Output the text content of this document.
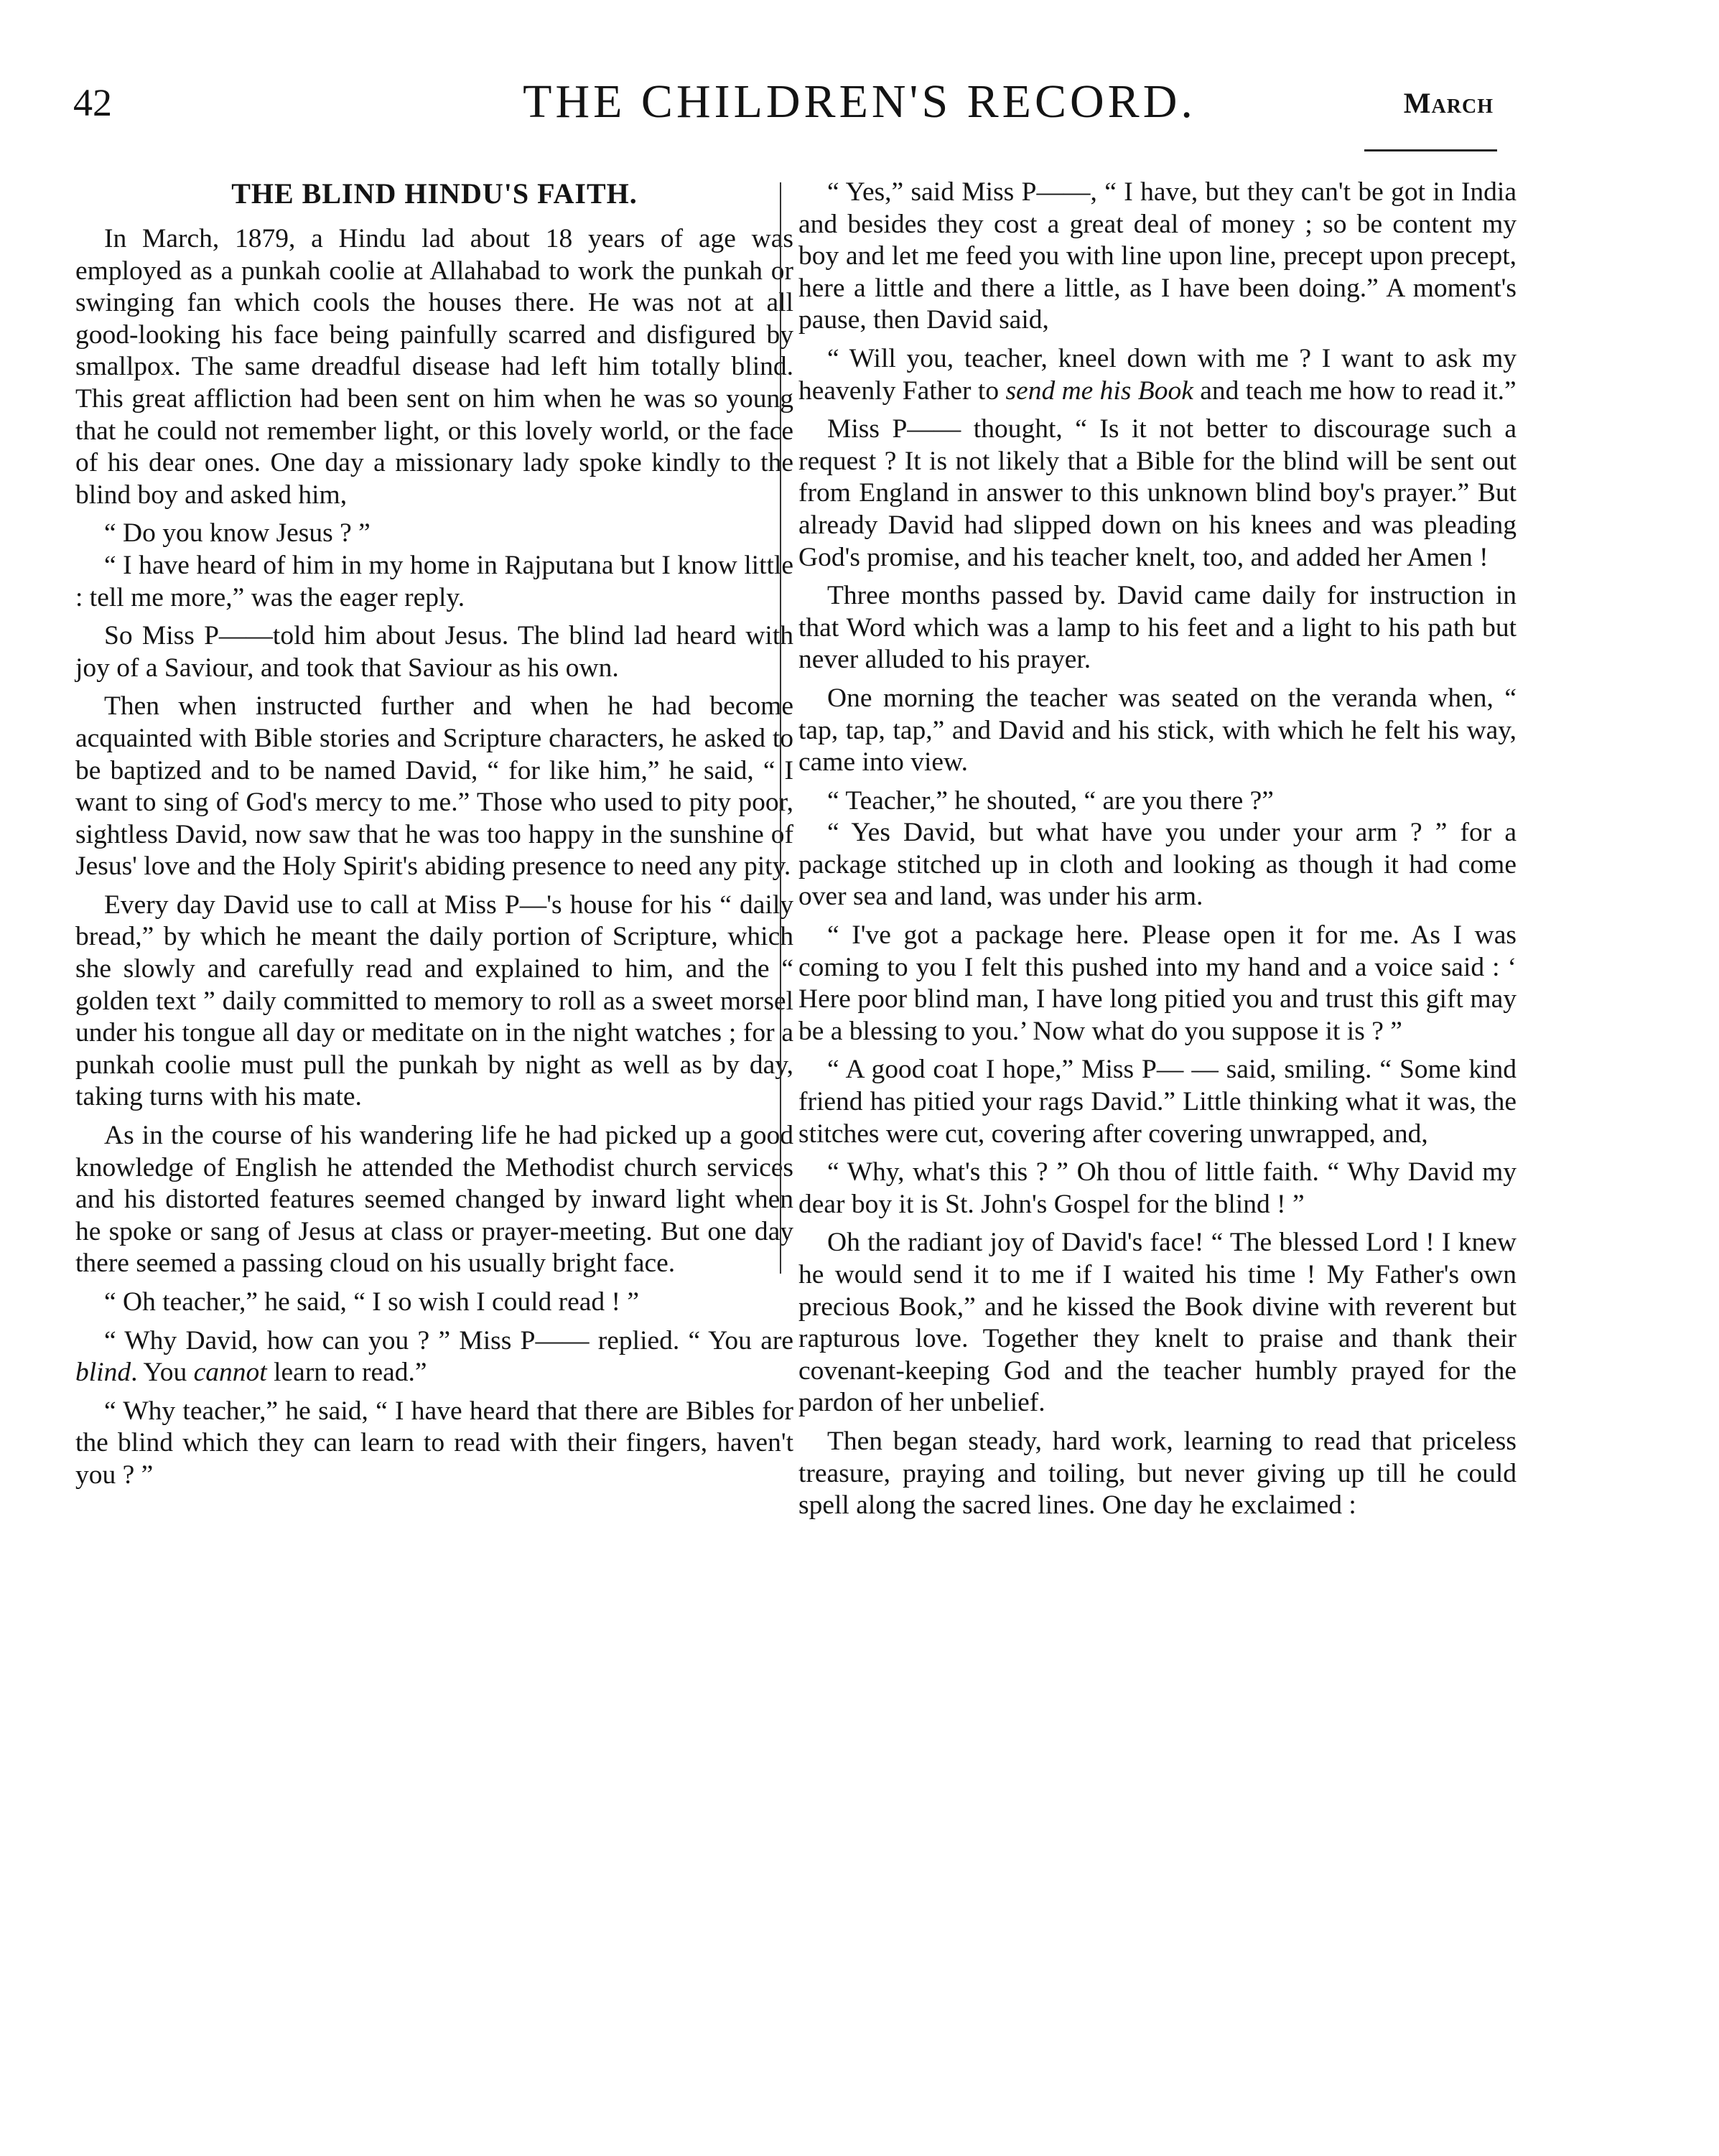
42	THE CHILDREN'S RECORD.	March
THE BLIND HINDU'S FAITH.

In March, 1879, a Hindu lad about 18 years of age was employed as a punkah coolie at Allahabad to work the punkah or swinging fan which cools the houses there. He was not at all good-looking his face being painfully scarred and disfigured by smallpox. The same dreadful disease had left him totally blind. This great affliction had been sent on him when he was so young that he could not remember light, or this lovely world, or the face of his dear ones. One day a missionary lady spoke kindly to the blind boy and asked him,

“ Do you know Jesus ? ”

“ I have heard of him in my home in Rajputana but I know little : tell me more,” was the eager reply.

So Miss P——told him about Jesus. The blind lad heard with joy of a Saviour, and took that Saviour as his own.

Then when instructed further and when he had become acquainted with Bible stories and Scripture characters, he asked to be baptized and to be named David, “ for like him,” he said, “ I want to sing of God's mercy to me.” Those who used to pity poor, sightless David, now saw that he was too happy in the sunshine of Jesus' love and the Holy Spirit's abiding presence to need any pity.

Every day David use to call at Miss P—'s house for his “ daily bread,” by which he meant the daily portion of Scripture, which she slowly and carefully read and explained to him, and the “ golden text ” daily committed to memory to roll as a sweet morsel under his tongue all day or meditate on in the night watches ; for a punkah coolie must pull the punkah by night as well as by day, taking turns with his mate.

As in the course of his wandering life he had picked up a good knowledge of English he attended the Methodist church services and his distorted features seemed changed by inward light when he spoke or sang of Jesus at class or prayer-meeting. But one day there seemed a passing cloud on his usually bright face.

“ Oh teacher,” he said, “ I so wish I could read ! ”

“ Why David, how can you ? ” Miss P—— replied. “ You are blind. You cannot learn to read.”

“ Why teacher,” he said, “ I have heard that there are Bibles for the blind which they can learn to read with their fingers, haven't you ? ”

“ Yes,” said Miss P——, “ I have, but they can't be got in India and besides they cost a great deal of money ; so be content my boy and let me feed you with line upon line, precept upon precept, here a little and there a little, as I have been doing.” A moment's pause, then David said,

“ Will you, teacher, kneel down with me ? I want to ask my heavenly Father to send me his Book and teach me how to read it.”

Miss P—— thought, “ Is it not better to discourage such a request ? It is not likely that a Bible for the blind will be sent out from England in answer to this unknown blind boy's prayer.” But already David had slipped down on his knees and was pleading God's promise, and his teacher knelt, too, and added her Amen !

Three months passed by. David came daily for instruction in that Word which was a lamp to his feet and a light to his path but never alluded to his prayer.

One morning the teacher was seated on the veranda when, “ tap, tap, tap,” and David and his stick, with which he felt his way, came into view.

“ Teacher,” he shouted, “ are you there ?”

“ Yes David, but what have you under your arm ? ” for a package stitched up in cloth and looking as though it had come over sea and land, was under his arm.

“ I've got a package here. Please open it for me. As I was coming to you I felt this pushed into my hand and a voice said : ‘ Here poor blind man, I have long pitied you and trust this gift may be a blessing to you.’ Now what do you suppose it is ? ”

“ A good coat I hope,” Miss P— — said, smiling. “ Some kind friend has pitied your rags David.” Little thinking what it was, the stitches were cut, covering after covering unwrapped, and,

“ Why, what's this ? ” Oh thou of little faith. “ Why David my dear boy it is St. John's Gospel for the blind ! ”

Oh the radiant joy of David's face! “ The blessed Lord ! I knew he would send it to me if I waited his time ! My Father's own precious Book,” and he kissed the Book divine with reverent but rapturous love. Together they knelt to praise and thank their covenant-keeping God and the teacher humbly prayed for the pardon of her unbelief.

Then began steady, hard work, learning to read that priceless treasure, praying and toiling, but never giving up till he could spell along the sacred lines. One day he exclaimed :
